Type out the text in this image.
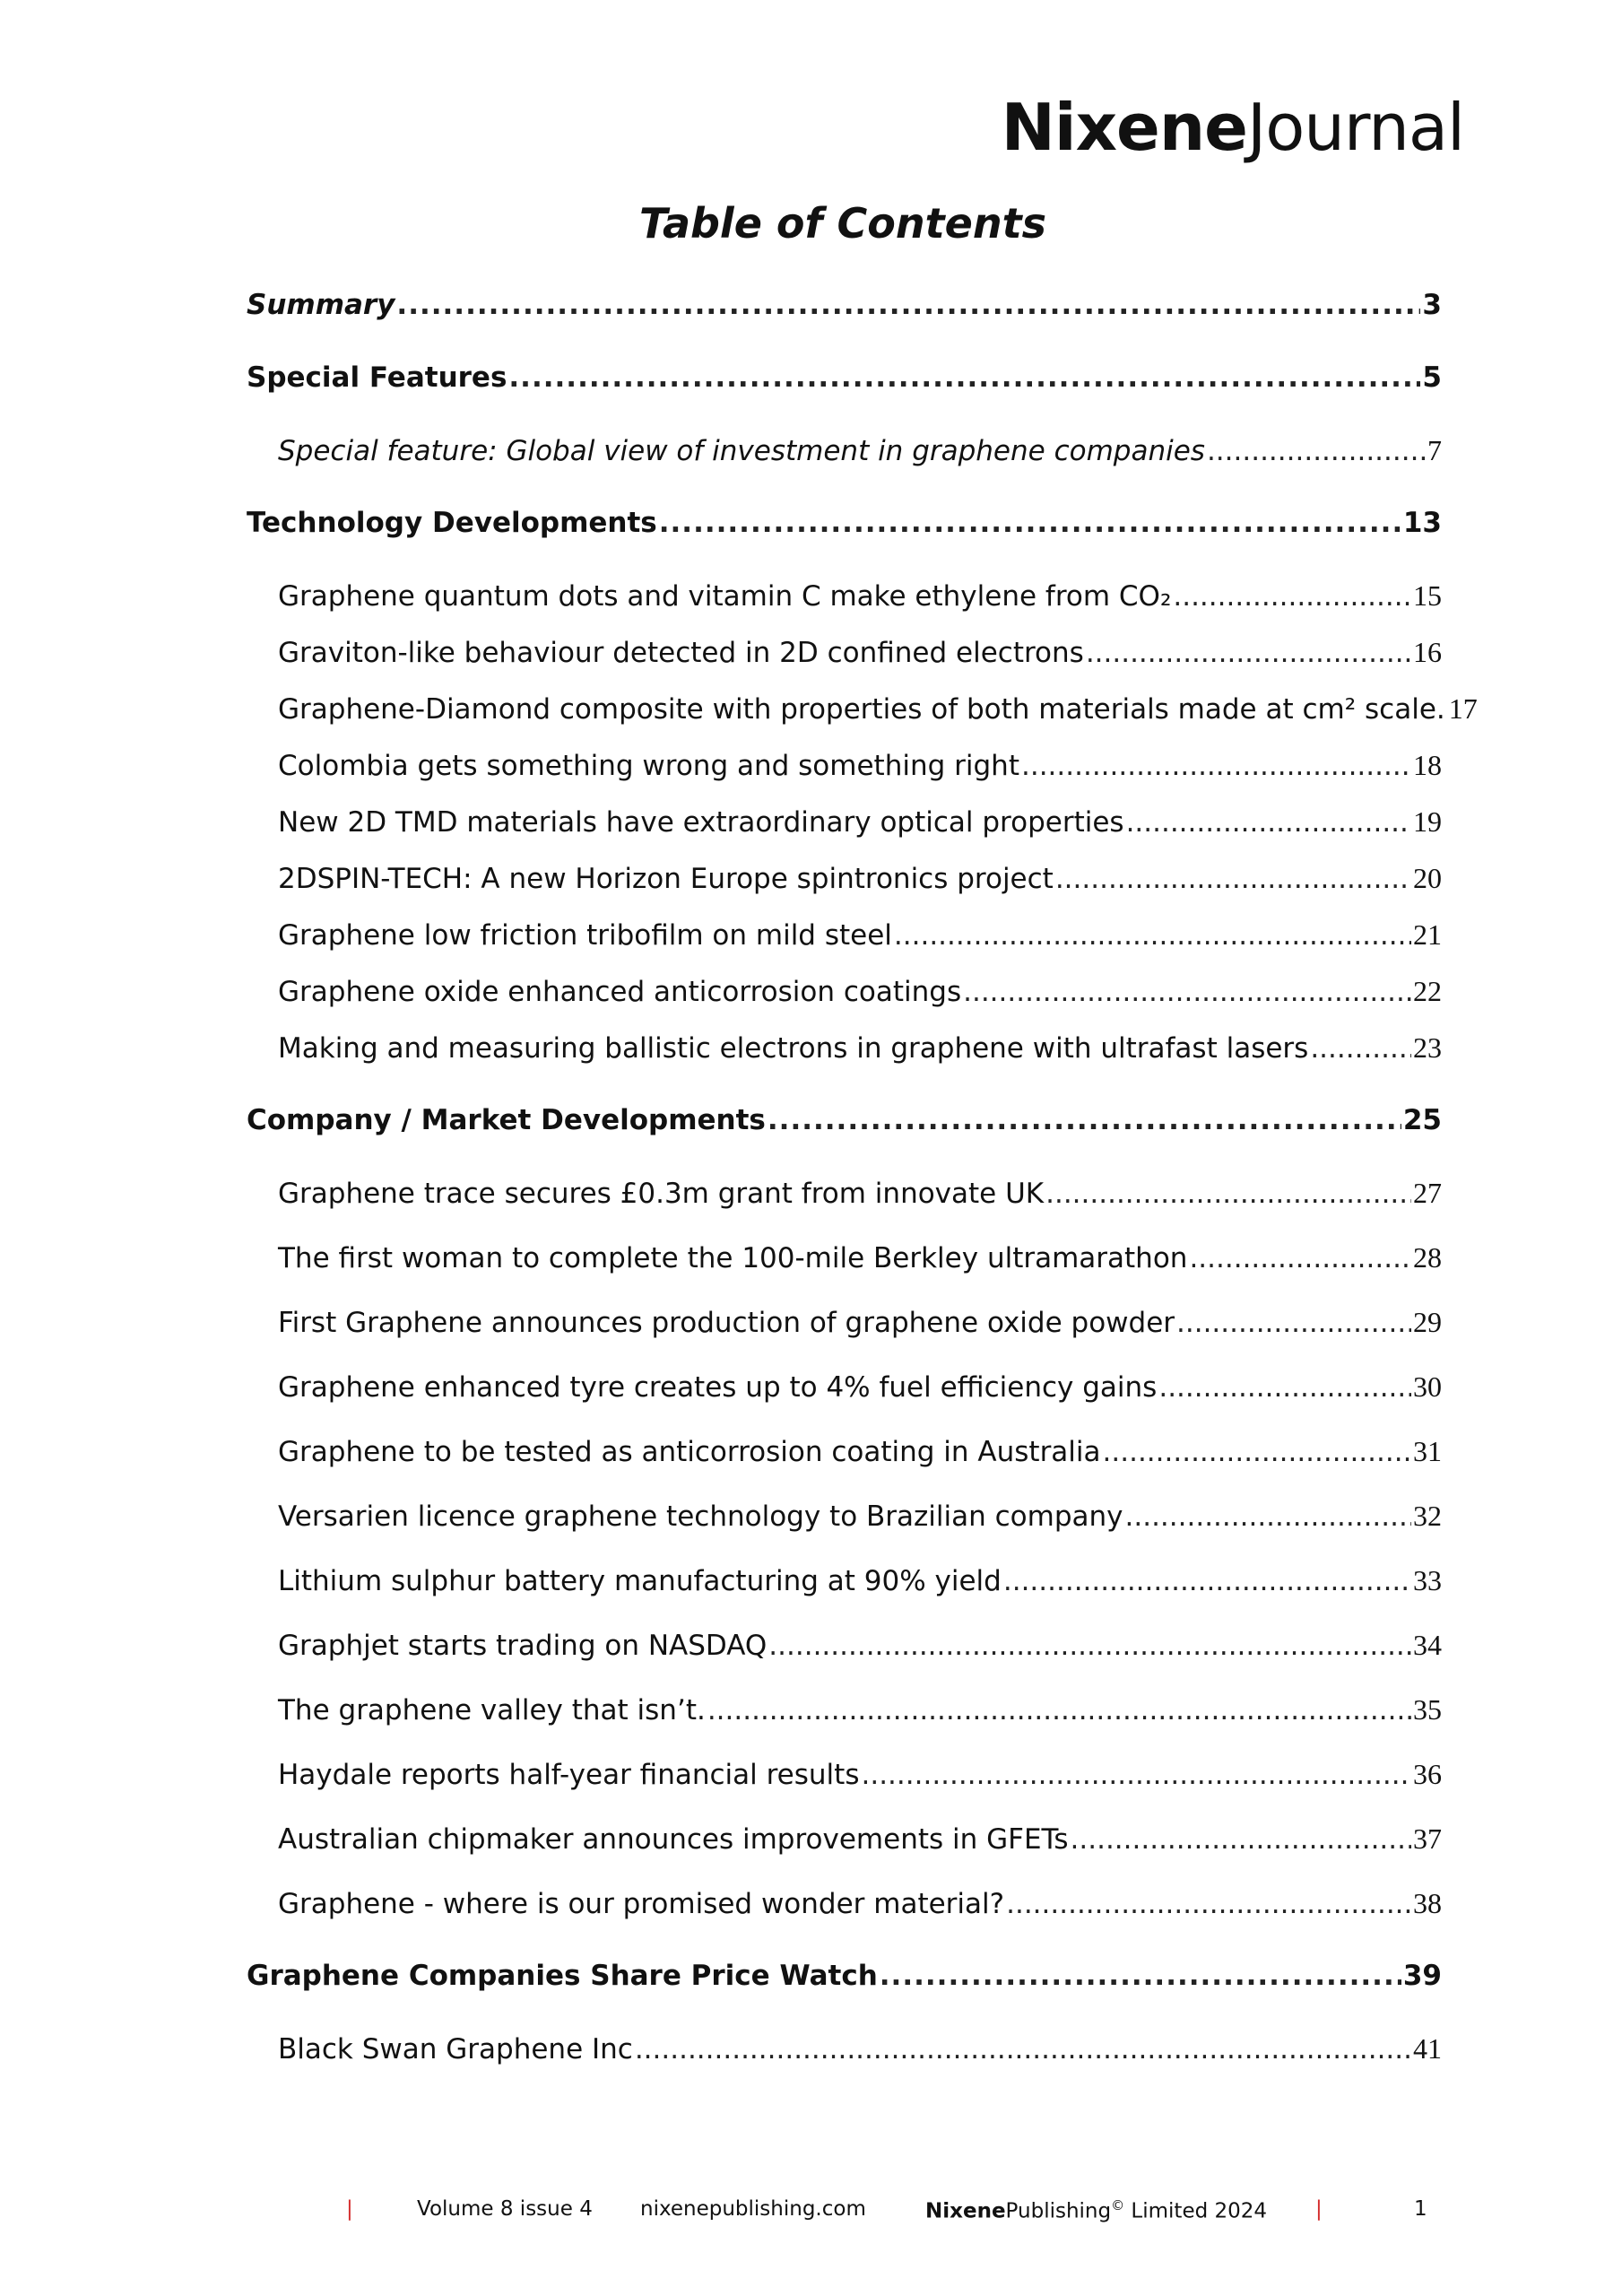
NixeneJournal
Table of Contents
Summary .....	3
Special Features .....	5
Special feature: Global view of investment in graphene companies .....	7
Technology Developments .....	13
Graphene quantum dots and vitamin C make ethylene from CO₂ .....	15
Graviton-like behaviour detected in 2D confined electrons .....	16
Graphene-Diamond composite with properties of both materials made at cm² scale. 17
Colombia gets something wrong and something right .....	18
New 2D TMD materials have extraordinary optical properties .....	19
2DSPIN-TECH: A new Horizon Europe spintronics project .....	20
Graphene low friction tribofilm on mild steel .....	21
Graphene oxide enhanced anticorrosion coatings .....	22
Making and measuring ballistic electrons in graphene with ultrafast lasers .....	23
Company / Market Developments .....	25
Graphene trace secures £0.3m grant from innovate UK .....	27
The first woman to complete the 100-mile Berkley ultramarathon .....	28
First Graphene announces production of graphene oxide powder .....	29
Graphene enhanced tyre creates up to 4% fuel efficiency gains .....	30
Graphene to be tested as anticorrosion coating in Australia .....	31
Versarien licence graphene technology to Brazilian company .....	32
Lithium sulphur battery manufacturing at 90% yield .....	33
Graphjet starts trading on NASDAQ .....	34
The graphene valley that isn’t. .....	35
Haydale reports half-year financial results .....	36
Australian chipmaker announces improvements in GFETs .....	37
Graphene - where is our promised wonder material? .....	38
Graphene Companies Share Price Watch .....	39
Black Swan Graphene Inc .....	41
|	Volume 8 issue 4 nixenepublishing.com	NixenePublishing© Limited 2024 |	1
